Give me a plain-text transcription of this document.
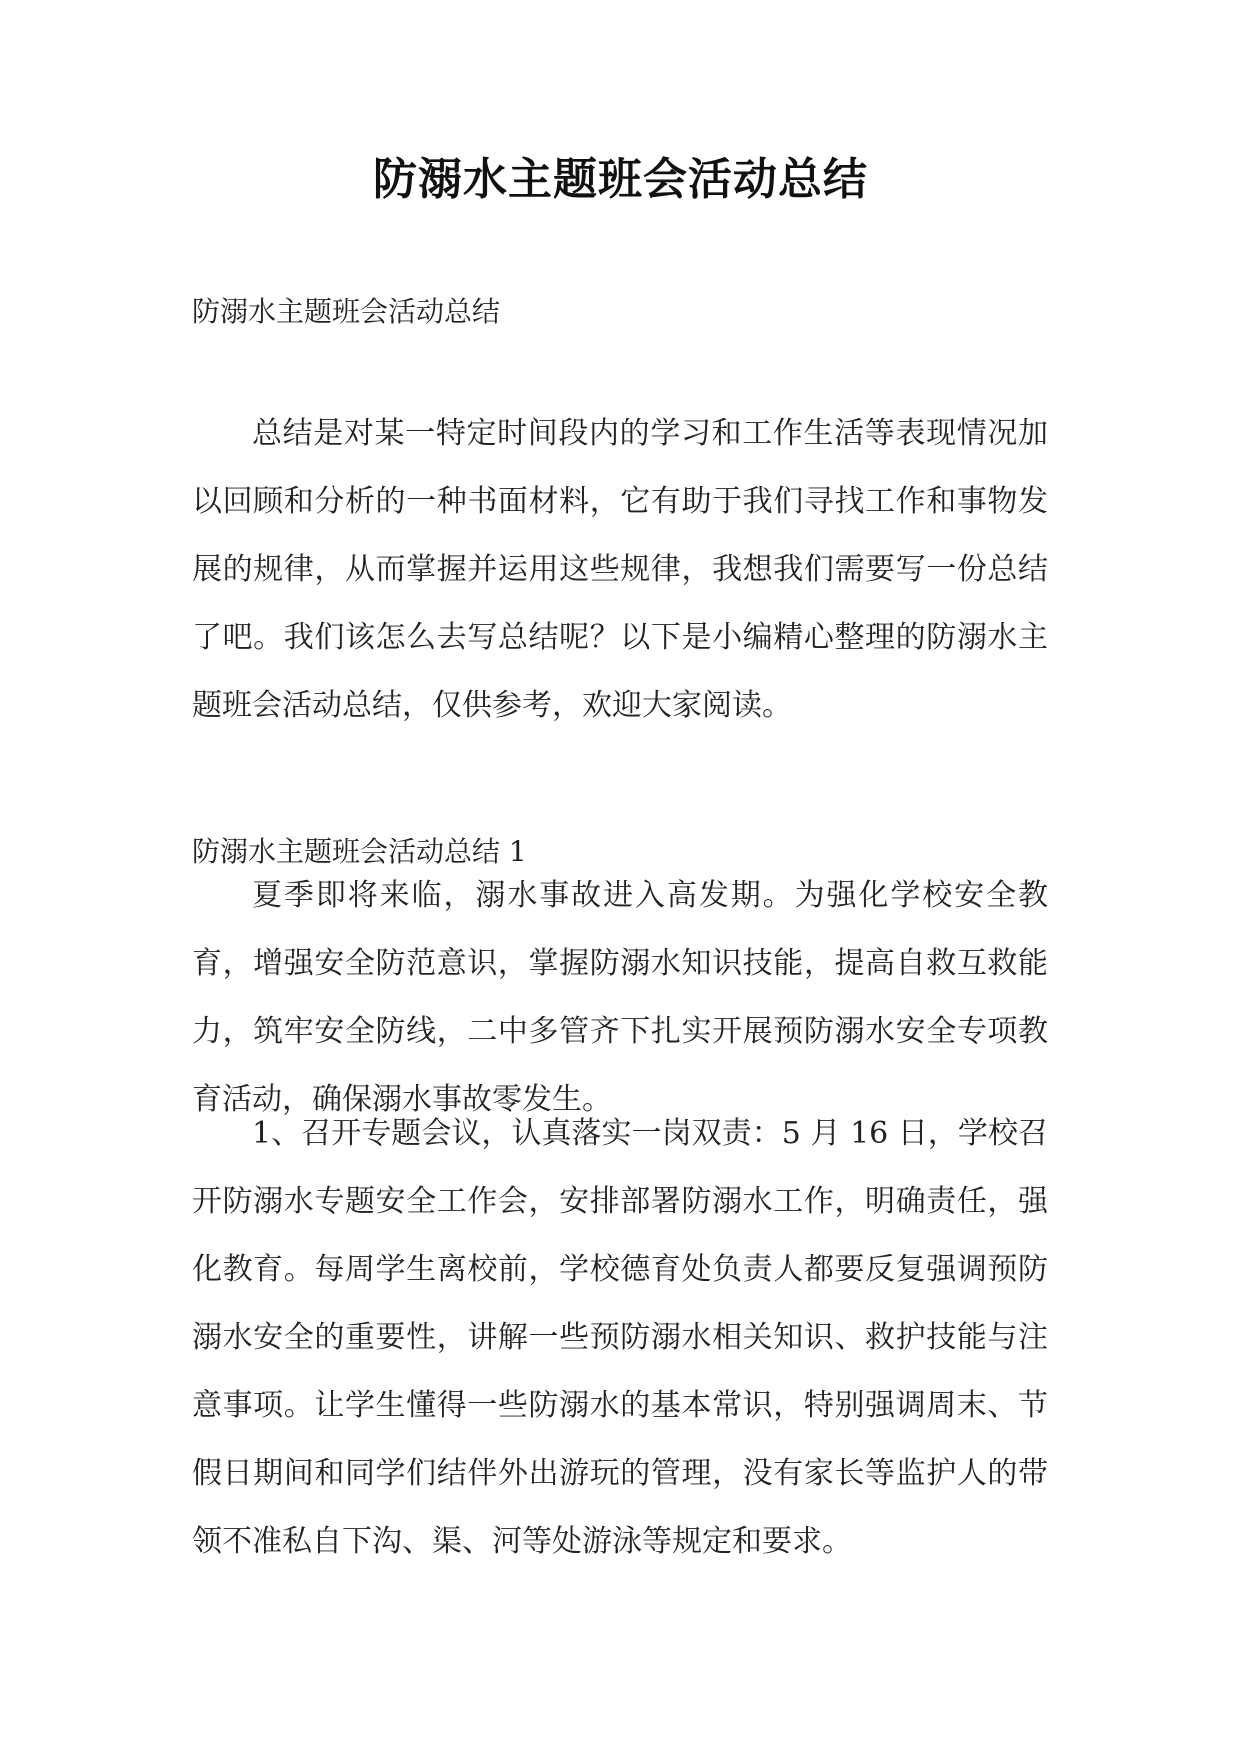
防溺水主题班会活动总结
防溺水主题班会活动总结

总结是对某一特定时间段内的学习和工作生活等表现情况加以回顾和分析的一种书面材料，它有助于我们寻找工作和事物发展的规律，从而掌握并运用这些规律，我想我们需要写一份总结了吧。我们该怎么去写总结呢？以下是小编精心整理的防溺水主题班会活动总结，仅供参考，欢迎大家阅读。

防溺水主题班会活动总结 1

夏季即将来临，溺水事故进入高发期。为强化学校安全教育，增强安全防范意识，掌握防溺水知识技能，提高自救互救能力，筑牢安全防线，二中多管齐下扎实开展预防溺水安全专项教育活动，确保溺水事故零发生。

1、召开专题会议，认真落实一岗双责：5 月 16 日，学校召开防溺水专题安全工作会，安排部署防溺水工作，明确责任，强化教育。每周学生离校前，学校德育处负责人都要反复强调预防溺水安全的重要性，讲解一些预防溺水相关知识、救护技能与注意事项。让学生懂得一些防溺水的基本常识，特别强调周末、节假日期间和同学们结伴外出游玩的管理，没有家长等监护人的带领不准私自下沟、渠、河等处游泳等规定和要求。
